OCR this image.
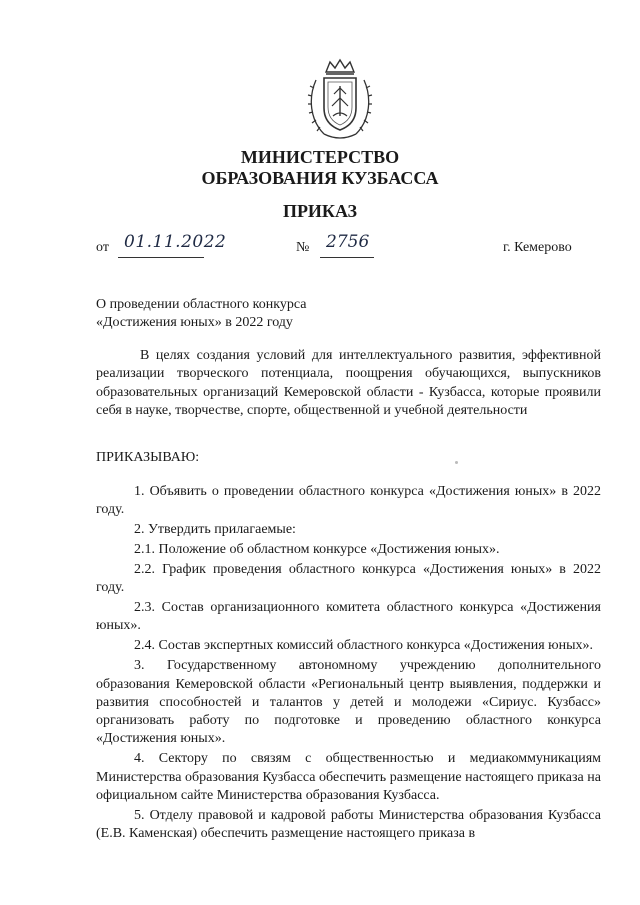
МИНИСТЕРСТВО
ОБРАЗОВАНИЯ КУЗБАССА
ПРИКАЗ
от 01.11.2022	№ 2756	г. Кемерово
О проведении областного конкурса
«Достижения юных» в 2022 году
В целях создания условий для интеллектуального развития, эффективной реализации творческого потенциала, поощрения обучающихся, выпускников образовательных организаций Кемеровской области - Кузбасса, которые проявили себя в науке, творчестве, спорте, общественной и учебной деятельности
ПРИКАЗЫВАЮ:

1. Объявить о проведении областного конкурса «Достижения юных» в 2022 году.

2. Утвердить прилагаемые:

2.1. Положение об областном конкурсе «Достижения юных».

2.2. График проведения областного конкурса «Достижения юных» в 2022 году.

2.3. Состав организационного комитета областного конкурса «Достижения юных».

2.4. Состав экспертных комиссий областного конкурса «Достижения юных».

3. Государственному автономному учреждению дополнительного образования Кемеровской области «Региональный центр выявления, поддержки и развития способностей и талантов у детей и молодежи «Сириус. Кузбасс» организовать работу по подготовке и проведению областного конкурса «Достижения юных».

4. Сектору по связям с общественностью и медиакоммуникациям Министерства образования Кузбасса обеспечить размещение настоящего приказа на официальном сайте Министерства образования Кузбасса.

5. Отделу правовой и кадровой работы Министерства образования Кузбасса (Е.В. Каменская) обеспечить размещение настоящего приказа в
